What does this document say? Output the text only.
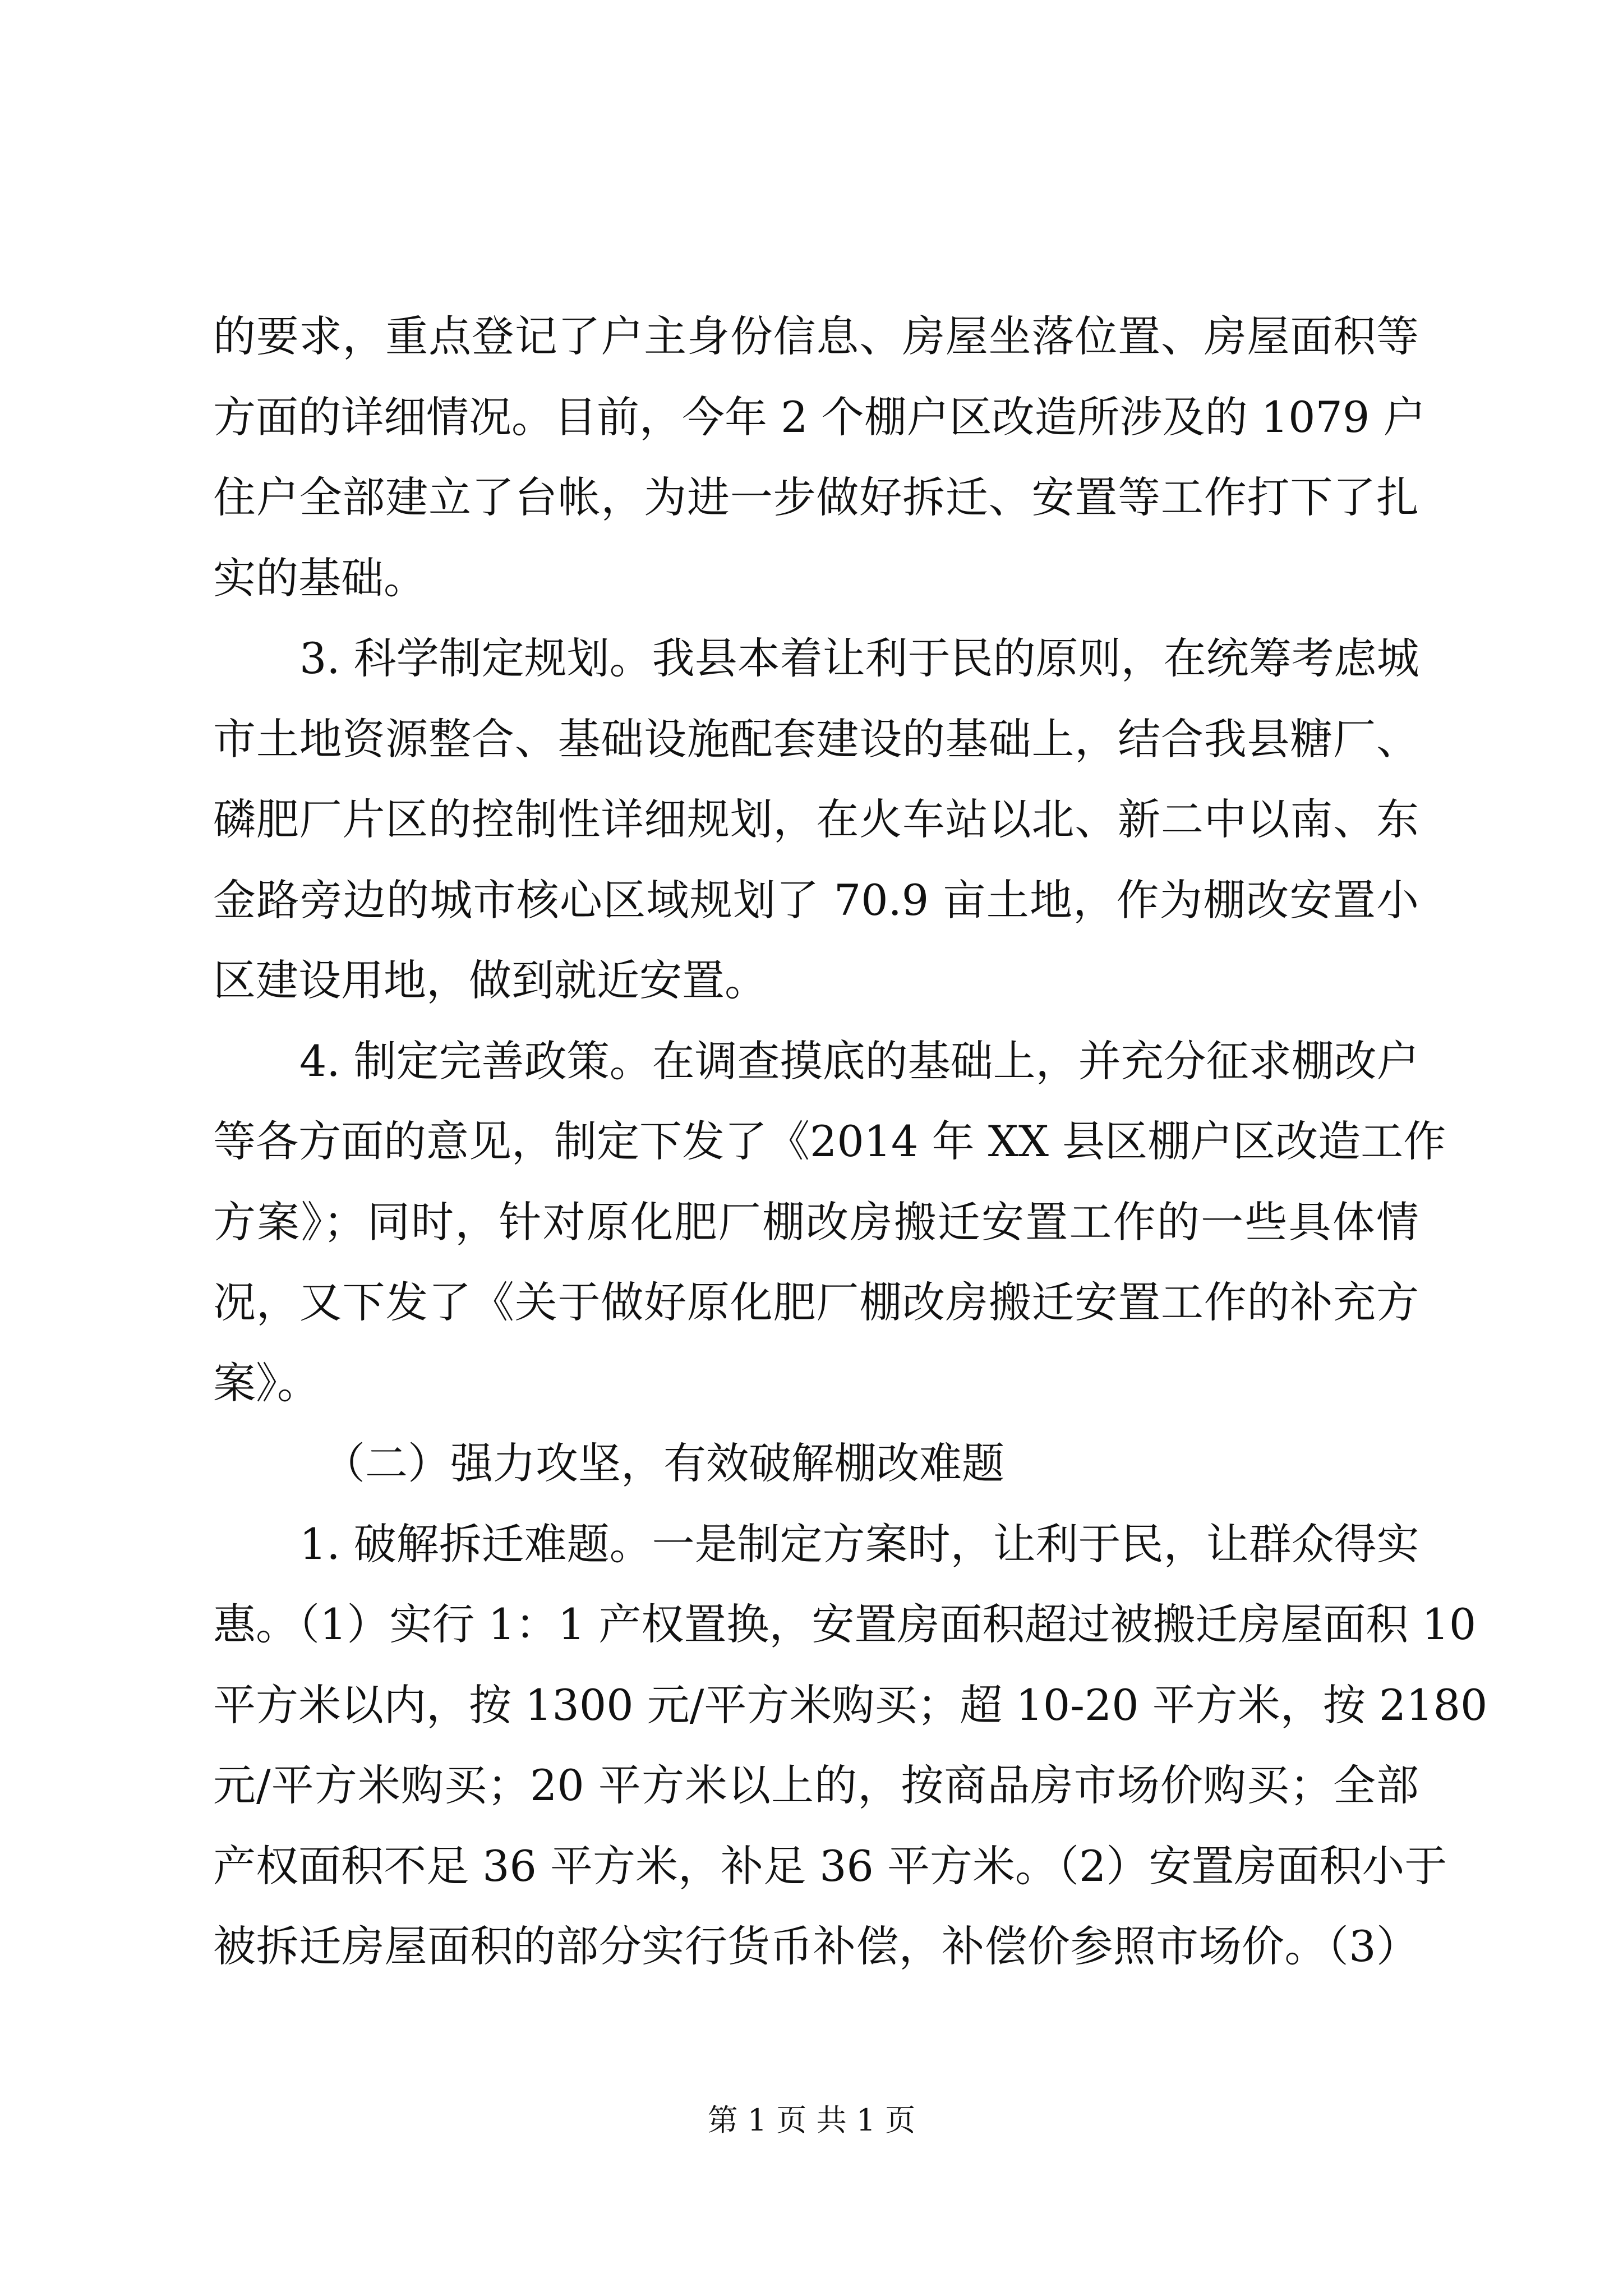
的要求，重点登记了户主身份信息、房屋坐落位置、房屋面积等
方面的详细情况。目前，今年 2 个棚户区改造所涉及的 1079 户
住户全部建立了台帐，为进一步做好拆迁、安置等工作打下了扎
实的基础。
3. 科学制定规划。我县本着让利于民的原则，在统筹考虑城
市土地资源整合、基础设施配套建设的基础上，结合我县糖厂、
磷肥厂片区的控制性详细规划，在火车站以北、新二中以南、东
金路旁边的城市核心区域规划了 70.9 亩土地，作为棚改安置小
区建设用地，做到就近安置。
4. 制定完善政策。在调查摸底的基础上，并充分征求棚改户
等各方面的意见，制定下发了《2014 年 XX 县区棚户区改造工作
方案》；同时，针对原化肥厂棚改房搬迁安置工作的一些具体情
况，又下发了《关于做好原化肥厂棚改房搬迁安置工作的补充方
案》。
（二）强力攻坚，有效破解棚改难题
1. 破解拆迁难题。一是制定方案时，让利于民，让群众得实
惠。（1）实行 1：1 产权置换，安置房面积超过被搬迁房屋面积 10
平方米以内，按 1300 元/平方米购买；超 10-20 平方米，按 2180
元/平方米购买；20 平方米以上的，按商品房市场价购买；全部
产权面积不足 36 平方米，补足 36 平方米。（2）安置房面积小于
被拆迁房屋面积的部分实行货币补偿，补偿价参照市场价。（3）
第 1 页 共 1 页
